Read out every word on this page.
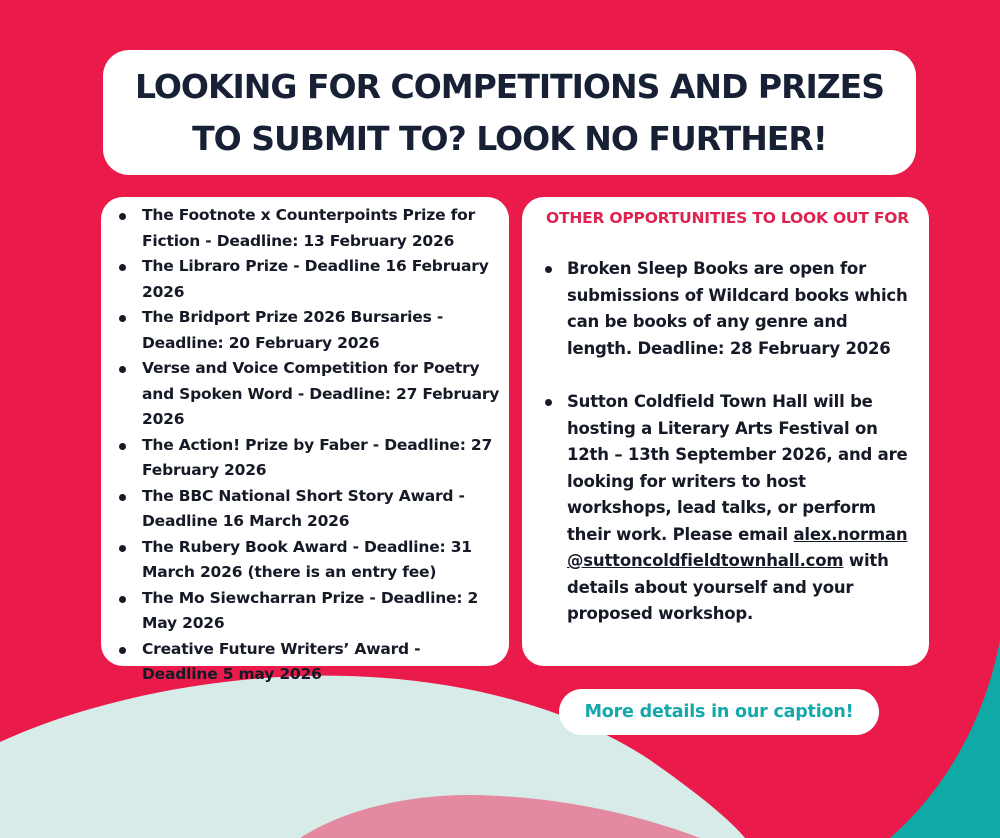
LOOKING FOR COMPETITIONS AND PRIZES
TO SUBMIT TO? LOOK NO FURTHER!
The Footnote x Counterpoints Prize for Fiction - Deadline: 13 February 2026
The Libraro Prize - Deadline 16 February 2026
The Bridport Prize 2026 Bursaries - Deadline: 20 February 2026
Verse and Voice Competition for Poetry and Spoken Word - Deadline: 27 February 2026
The Action! Prize by Faber - Deadline: 27 February 2026
The BBC National Short Story Award - Deadline 16 March 2026
The Rubery Book Award - Deadline: 31 March 2026 (there is an entry fee)
The Mo Siewcharran Prize - Deadline: 2 May 2026
Creative Future Writers’ Award - Deadline 5 may 2026
OTHER OPPORTUNITIES TO LOOK OUT FOR
Broken Sleep Books are open for submissions of Wildcard books which can be books of any genre and length. Deadline: 28 February 2026
Sutton Coldfield Town Hall will be hosting a Literary Arts Festival on 12th – 13th September 2026, and are looking for writers to host workshops, lead talks, or perform their work. Please email alex.norman@suttoncoldfieldtownhall.com with details about yourself and your proposed workshop.
More details in our caption!
